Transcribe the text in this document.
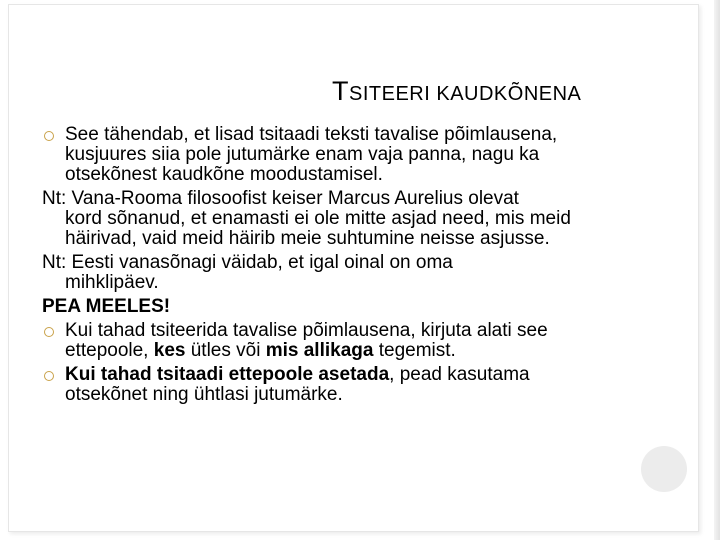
TSITEERI KAUDKÕNENA
See tähendab, et lisad tsitaadi teksti tavalise põimlausena, kusjuures siia pole jutumärke enam vaja panna, nagu ka otsekõnest kaudkõne moodustamisel.
Nt: Vana-Rooma filosoofist keiser Marcus Aurelius olevat
kord sõnanud, et enamasti ei ole mitte asjad need, mis meid häirivad, vaid meid häirib meie suhtumine neisse asjusse.
Nt: Eesti vanasõnagi väidab, et igal oinal on oma
mihklipäev.
PEA MEELES!
Kui tahad tsiteerida tavalise põimlausena, kirjuta alati see ettepoole, kes ütles või mis allikaga tegemist.
Kui tahad tsitaadi ettepoole asetada, pead kasutama otsekõnet ning ühtlasi jutumärke.
